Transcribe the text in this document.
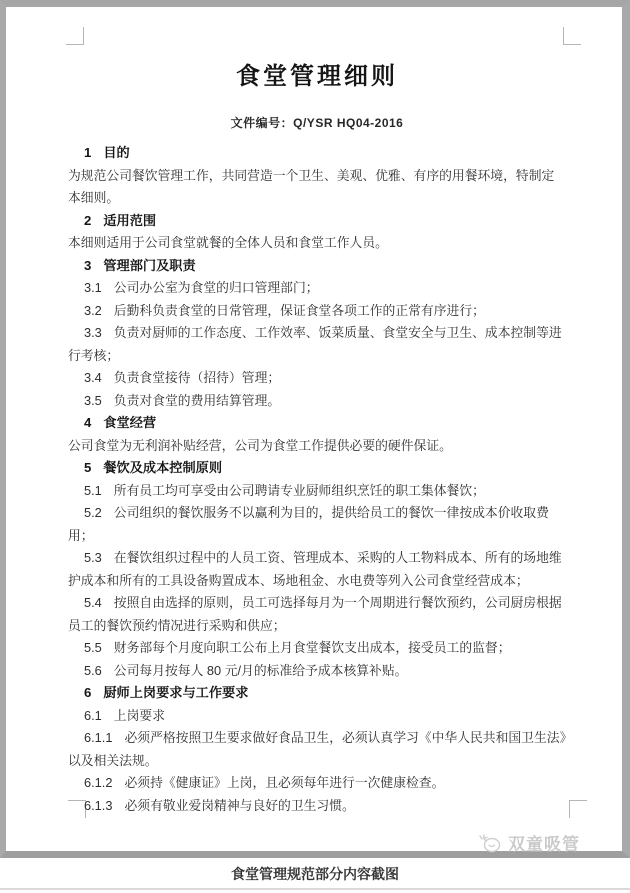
食堂管理细则
文件编号：Q/YSR HQ04-2016

1 目的

为规范公司餐饮管理工作，共同营造一个卫生、美观、优雅、有序的用餐环境，特制定本细则。

2 适用范围

本细则适用于公司食堂就餐的全体人员和食堂工作人员。

3 管理部门及职责

3.1 公司办公室为食堂的归口管理部门；

3.2 后勤科负责食堂的日常管理，保证食堂各项工作的正常有序进行；

3.3 负责对厨师的工作态度、工作效率、饭菜质量、食堂安全与卫生、成本控制等进行考核；

3.4 负责食堂接待（招待）管理；

3.5 负责对食堂的费用结算管理。

4 食堂经营

公司食堂为无利润补贴经营，公司为食堂工作提供必要的硬件保证。

5 餐饮及成本控制原则

5.1 所有员工均可享受由公司聘请专业厨师组织烹饪的职工集体餐饮；

5.2 公司组织的餐饮服务不以赢利为目的，提供给员工的餐饮一律按成本价收取费用；

5.3 在餐饮组织过程中的人员工资、管理成本、采购的人工物料成本、所有的场地维护成本和所有的工具设备购置成本、场地租金、水电费等列入公司食堂经营成本；

5.4 按照自由选择的原则，员工可选择每月为一个周期进行餐饮预约，公司厨房根据员工的餐饮预约情况进行采购和供应；

5.5 财务部每个月度向职工公布上月食堂餐饮支出成本，接受员工的监督；

5.6 公司每月按每人 80 元/月的标准给予成本核算补贴。

6 厨师上岗要求与工作要求

6.1 上岗要求

6.1.1 必须严格按照卫生要求做好食品卫生，必须认真学习《中华人民共和国卫生法》以及相关法规。

6.1.2 必须持《健康证》上岗，且必须每年进行一次健康检查。

6.1.3 必须有敬业爱岗精神与良好的卫生习惯。

双童吸管
食堂管理规范部分内容截图
